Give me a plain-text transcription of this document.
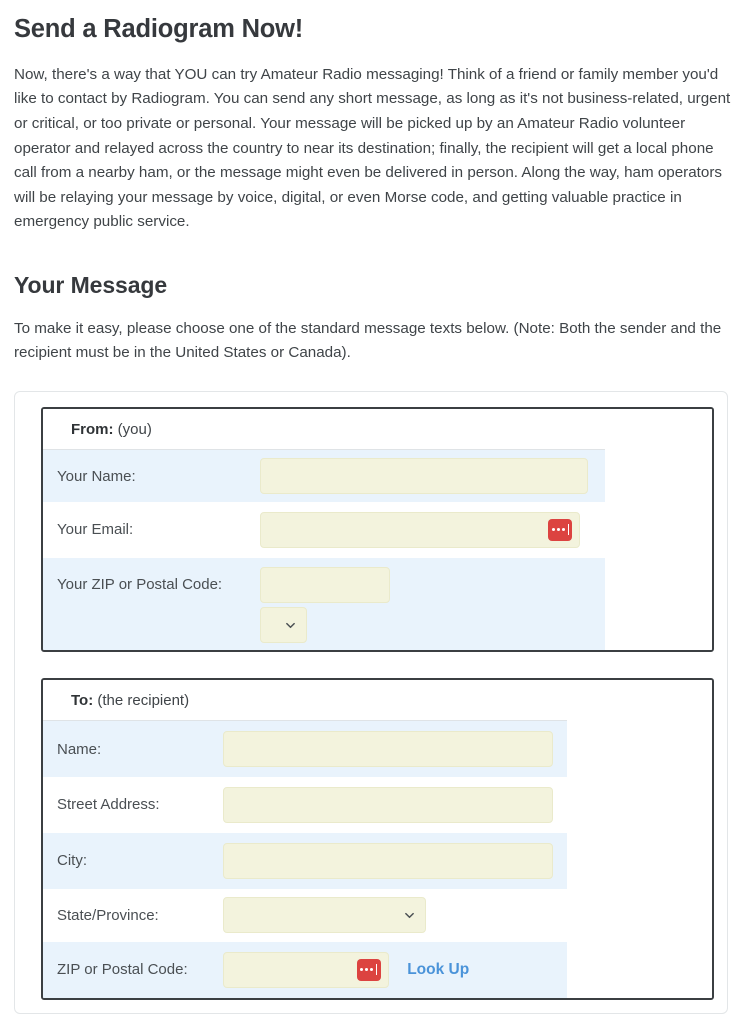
Send a Radiogram Now!

Now, there's a way that YOU can try Amateur Radio messaging! Think of a friend or family member you'd like to contact by Radiogram. You can send any short message, as long as it's not business-related, urgent or critical, or too private or personal. Your message will be picked up by an Amateur Radio volunteer operator and relayed across the country to near its destination; finally, the recipient will get a local phone call from a nearby ham, or the message might even be delivered in person. Along the way, ham operators will be relaying your message by voice, digital, or even Morse code, and getting valuable practice in emergency public service.

Your Message

To make it easy, please choose one of the standard message texts below. (Note: Both the sender and the recipient must be in the United States or Canada).

From: (you)		
Your Name:		
Your Email:	

Your ZIP or Postal Code:	

To: (the recipient)		
Name:		
Street Address:		
City:		
State/Province:	

ZIP or Postal Code:	Look Up	
